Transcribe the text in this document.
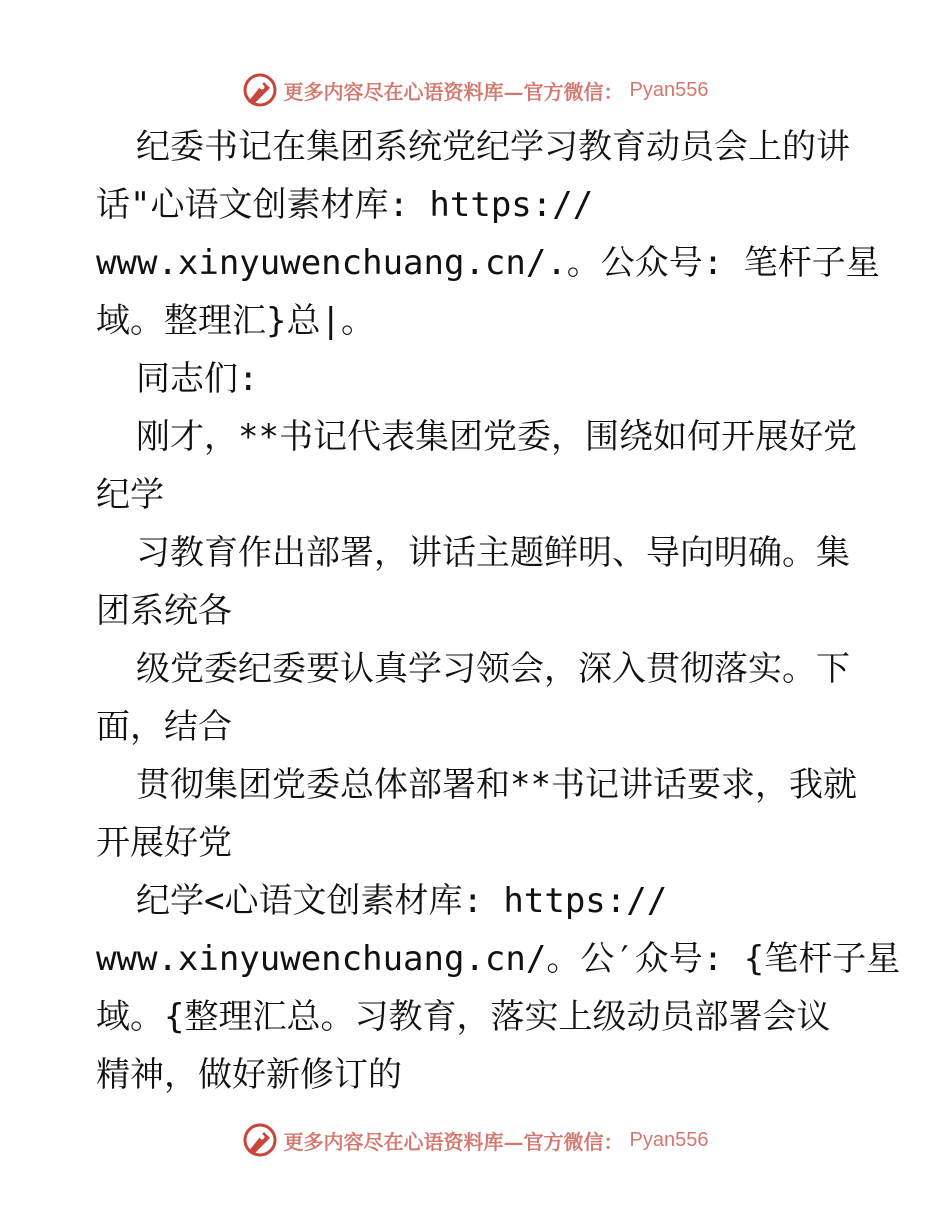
更多内容尽在心语资料库—官方微信： Pyan556
纪委书记在集团系统党纪学习教育动员会上的讲
话"心语文创素材库: https://
www.xinyuwenchuang.cn/.。公众号: 笔杆子星
域。整理汇}总|。
同志们:
刚才，**书记代表集团党委，围绕如何开展好党
纪学
习教育作出部署，讲话主题鲜明、导向明确。集
团系统各
级党委纪委要认真学习领会，深入贯彻落实。下
面，结合
贯彻集团党委总体部署和**书记讲话要求，我就
开展好党
纪学<心语文创素材库: https://
www.xinyuwenchuang.cn/。公′众号: {笔杆子星
域。{整理汇总。习教育，落实上级动员部署会议
精神，做好新修订的
更多内容尽在心语资料库—官方微信： Pyan556
